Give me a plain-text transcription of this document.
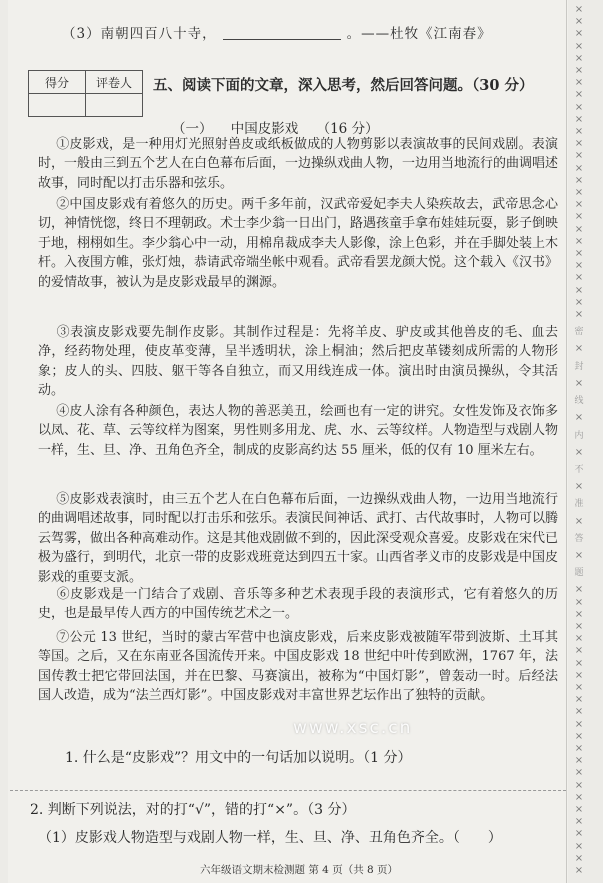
×
×
×
×
×
×
×
×
×
×
×
×
×
×
×
×
×
×
×
×
×
×
×
×
×
×
密
×
封
×
线
×
内
×
不
×
准
×
答
×
题
×
×
×
×
×
×
×
×
×
×
×
×
×
×
×
×
×
×
×
×
×
×
×
×
（3）南朝四百八十寺，	。——杜牧《江南春》
得分	评卷人
	五、阅读下面的文章，深入思考，然后回答问题。（30 分）
（一） 中国皮影戏 （16 分）
①皮影戏，是一种用灯光照射兽皮或纸板做成的人物剪影以表演故事的民间戏剧。表演时，一般由三到五个艺人在白色幕布后面，一边操纵戏曲人物，一边用当地流行的曲调唱述故事，同时配以打击乐器和弦乐。
②中国皮影戏有着悠久的历史。两千多年前，汉武帝爱妃李夫人染疾故去，武帝思念心切，神情恍惚，终日不理朝政。术士李少翁一日出门，路遇孩童手拿布娃娃玩耍，影子倒映于地，栩栩如生。李少翁心中一动，用棉帛裁成李夫人影像，涂上色彩，并在手脚处装上木杆。入夜围方帷，张灯烛，恭请武帝端坐帐中观看。武帝看罢龙颜大悦。这个载入《汉书》的爱情故事，被认为是皮影戏最早的渊源。
③表演皮影戏要先制作皮影。其制作过程是：先将羊皮、驴皮或其他兽皮的毛、血去净，经药物处理，使皮革变薄，呈半透明状，涂上桐油；然后把皮革镂刻成所需的人物形象；皮人的头、四肢、躯干等各自独立，而又用线连成一体。演出时由演员操纵，令其活动。
④皮人涂有各种颜色，表达人物的善恶美丑，绘画也有一定的讲究。女性发饰及衣饰多以凤、花、草、云等纹样为图案，男性则多用龙、虎、水、云等纹样。人物造型与戏剧人物一样，生、旦、净、丑角色齐全，制成的皮影高约达 55 厘米，低的仅有 10 厘米左右。
⑤皮影戏表演时，由三五个艺人在白色幕布后面，一边操纵戏曲人物，一边用当地流行的曲调唱述故事，同时配以打击乐和弦乐。表演民间神话、武打、古代故事时，人物可以腾云驾雾，做出各种高难动作。这是其他戏剧做不到的，因此深受观众喜爱。皮影戏在宋代已极为盛行，到明代，北京一带的皮影戏班竟达到四五十家。山西省孝义市的皮影戏是中国皮影戏的重要支派。
⑥皮影戏是一门结合了戏剧、音乐等多种艺术表现手段的表演形式，它有着悠久的历史，也是最早传人西方的中国传统艺术之一。
⑦公元 13 世纪，当时的蒙古军营中也演皮影戏，后来皮影戏被随军带到波斯、土耳其等国。之后，又在东南亚各国流传开来。中国皮影戏 18 世纪中叶传到欧洲，1767 年，法国传教士把它带回法国，并在巴黎、马赛演出，被称为“中国灯影”，曾轰动一时。后经法国人改造，成为“法兰西灯影”。中国皮影戏对丰富世界艺坛作出了独特的贡献。
www.xsc.cn
1. 什么是“皮影戏”？用文中的一句话加以说明。（1 分）
2. 判断下列说法，对的打“√”，错的打“×”。（3 分）
（1）皮影戏人物造型与戏剧人物一样，生、旦、净、丑角色齐全。（　　）
六年级语文期末检测题 第 4 页（共 8 页）
